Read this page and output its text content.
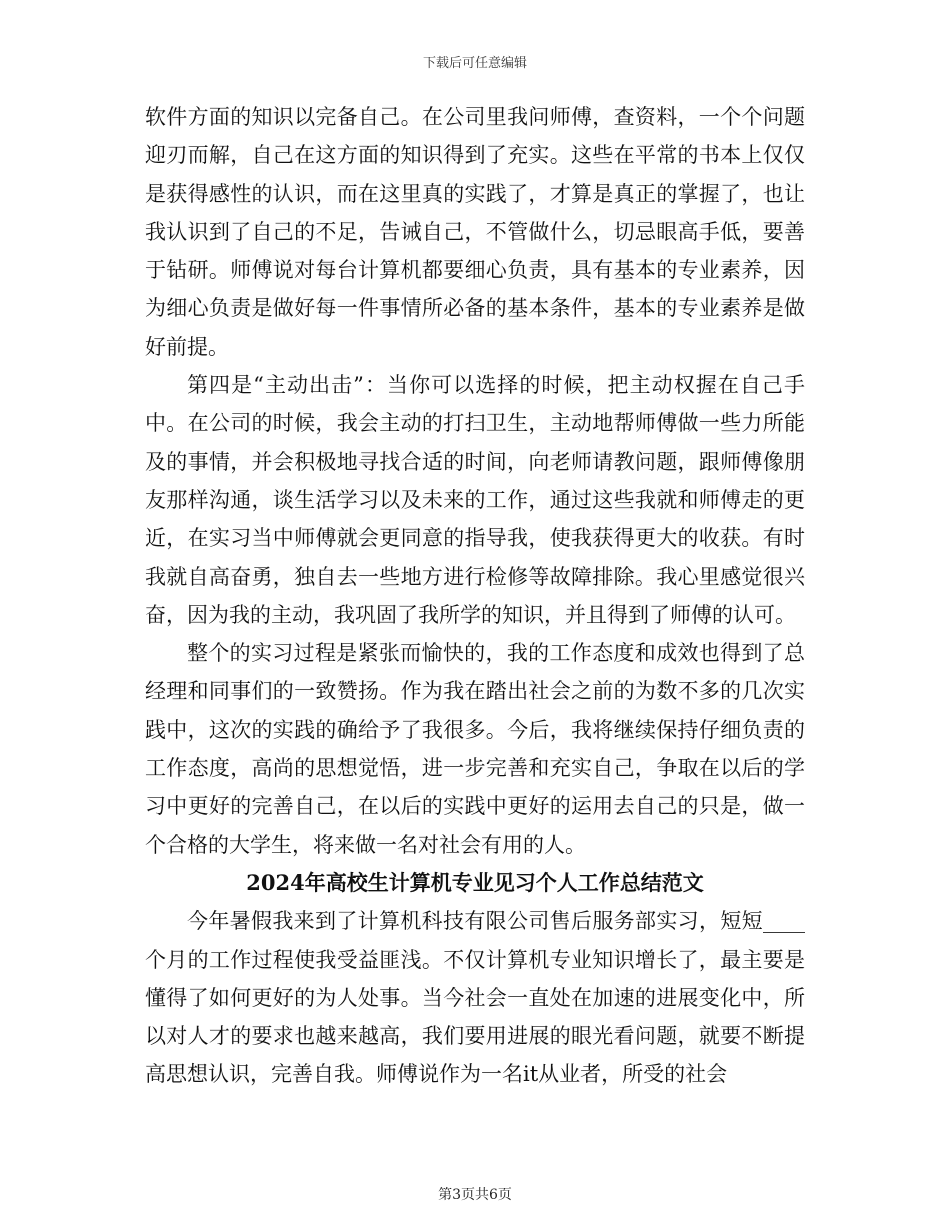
下载后可任意编辑

软件方面的知识以完备自己。在公司里我问师傅，查资料，一个个问题迎刃而解，自己在这方面的知识得到了充实。这些在平常的书本上仅仅是获得感性的认识，而在这里真的实践了，才算是真正的掌握了，也让我认识到了自己的不足，告诫自己，不管做什么，切忌眼高手低，要善于钻研。师傅说对每台计算机都要细心负责，具有基本的专业素养，因为细心负责是做好每一件事情所必备的基本条件，基本的专业素养是做好前提。

第四是“主动出击”：当你可以选择的时候，把主动权握在自己手中。在公司的时候，我会主动的打扫卫生，主动地帮师傅做一些力所能及的事情，并会积极地寻找合适的时间，向老师请教问题，跟师傅像朋友那样沟通，谈生活学习以及未来的工作，通过这些我就和师傅走的更近，在实习当中师傅就会更同意的指导我，使我获得更大的收获。有时我就自高奋勇，独自去一些地方进行检修等故障排除。我心里感觉很兴奋，因为我的主动，我巩固了我所学的知识，并且得到了师傅的认可。

整个的实习过程是紧张而愉快的，我的工作态度和成效也得到了总经理和同事们的一致赞扬。作为我在踏出社会之前的为数不多的几次实践中，这次的实践的确给予了我很多。今后，我将继续保持仔细负责的工作态度，高尚的思想觉悟，进一步完善和充实自己，争取在以后的学习中更好的完善自己，在以后的实践中更好的运用去自己的只是，做一个合格的大学生，将来做一名对社会有用的人。

2024年高校生计算机专业见习个人工作总结范文

今年暑假我来到了计算机科技有限公司售后服务部实习，短短____个月的工作过程使我受益匪浅。不仅计算机专业知识增长了，最主要是懂得了如何更好的为人处事。当今社会一直处在加速的进展变化中，所以对人才的要求也越来越高，我们要用进展的眼光看问题，就要不断提高思想认识，完善自我。师傅说作为一名it从业者，所受的社会

第3页共6页
